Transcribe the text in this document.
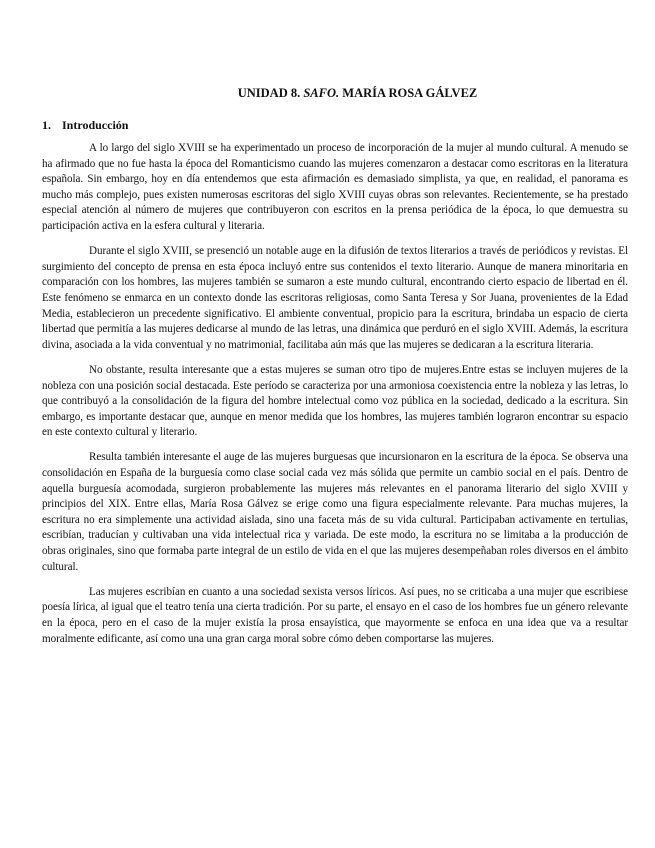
UNIDAD 8. SAFO. MARÍA ROSA GÁLVEZ
1. Introducción

A lo largo del siglo XVIII se ha experimentado un proceso de incorporación de la mujer al mundo cultural. A menudo se ha afirmado que no fue hasta la época del Romanticismo cuando las mujeres comenzaron a destacar como escritoras en la literatura española. Sin embargo, hoy en día entendemos que esta afirmación es demasiado simplista, ya que, en realidad, el panorama es mucho más complejo, pues existen numerosas escritoras del siglo XVIII cuyas obras son relevantes. Recientemente, se ha prestado especial atención al número de mujeres que contribuyeron con escritos en la prensa periódica de la época, lo que demuestra su participación activa en la esfera cultural y literaria.

Durante el siglo XVIII, se presenció un notable auge en la difusión de textos literarios a través de periódicos y revistas. El surgimiento del concepto de prensa en esta época incluyó entre sus contenidos el texto literario. Aunque de manera minoritaria en comparación con los hombres, las mujeres también se sumaron a este mundo cultural, encontrando cierto espacio de libertad en él. Este fenómeno se enmarca en un contexto donde las escritoras religiosas, como Santa Teresa y Sor Juana, provenientes de la Edad Media, establecieron un precedente significativo. El ambiente conventual, propicio para la escritura, brindaba un espacio de cierta libertad que permitía a las mujeres dedicarse al mundo de las letras, una dinámica que perduró en el siglo XVIII. Además, la escritura divina, asociada a la vida conventual y no matrimonial, facilitaba aún más que las mujeres se dedicaran a la escritura literaria.

No obstante, resulta interesante que a estas mujeres se suman otro tipo de mujeres.Entre estas se incluyen mujeres de la nobleza con una posición social destacada. Este período se caracteriza por una armoniosa coexistencia entre la nobleza y las letras, lo que contribuyó a la consolidación de la figura del hombre intelectual como voz pública en la sociedad, dedicado a la escritura. Sin embargo, es importante destacar que, aunque en menor medida que los hombres, las mujeres también lograron encontrar su espacio en este contexto cultural y literario.

Resulta también interesante el auge de las mujeres burguesas que incursionaron en la escritura de la época. Se observa una consolidación en España de la burguesía como clase social cada vez más sólida que permite un cambio social en el país. Dentro de aquella burguesía acomodada, surgieron probablemente las mujeres más relevantes en el panorama literario del siglo XVIII y principios del XIX. Entre ellas, María Rosa Gálvez se erige como una figura especialmente relevante. Para muchas mujeres, la escritura no era simplemente una actividad aislada, sino una faceta más de su vida cultural. Participaban activamente en tertulias, escribían, traducían y cultivaban una vida intelectual rica y variada. De este modo, la escritura no se limitaba a la producción de obras originales, sino que formaba parte integral de un estilo de vida en el que las mujeres desempeñaban roles diversos en el ámbito cultural.

Las mujeres escribían en cuanto a una sociedad sexista versos líricos. Así pues, no se criticaba a una mujer que escribiese poesía lírica, al igual que el teatro tenía una cierta tradición. Por su parte, el ensayo en el caso de los hombres fue un género relevante en la época, pero en el caso de la mujer existía la prosa ensayística, que mayormente se enfoca en una idea que va a resultar moralmente edificante, así como una una gran carga moral sobre cómo deben comportarse las mujeres.
